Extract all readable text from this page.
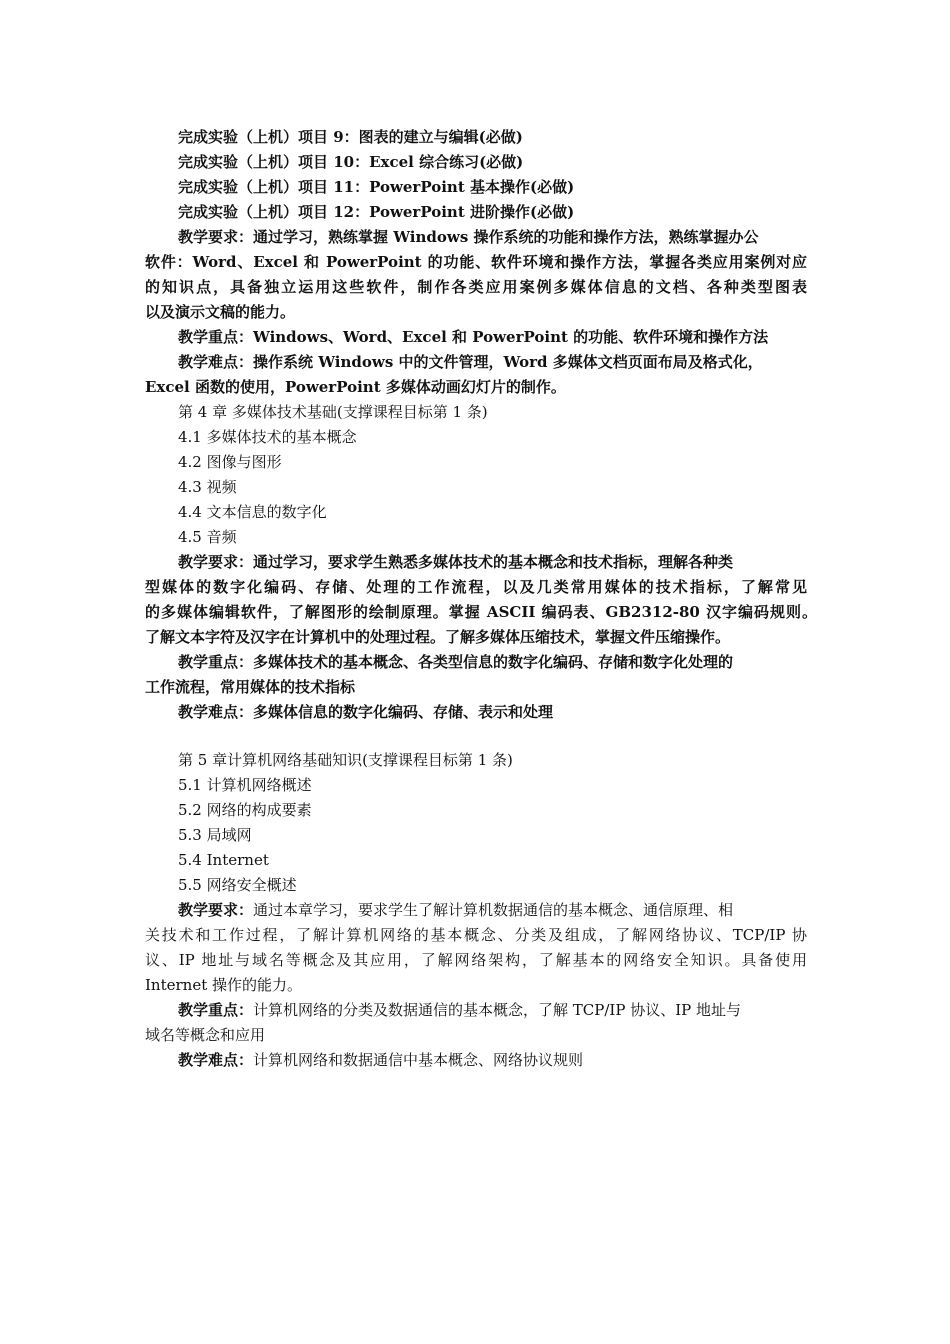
完成实验（上机）项目 9：图表的建立与编辑(必做)
完成实验（上机）项目 10：Excel 综合练习(必做)
完成实验（上机）项目 11：PowerPoint 基本操作(必做)
完成实验（上机）项目 12：PowerPoint 进阶操作(必做)
教学要求：通过学习，熟练掌握 Windows 操作系统的功能和操作方法，熟练掌握办公
软件：Word、Excel 和 PowerPoint 的功能、软件环境和操作方法，掌握各类应用案例对应
的知识点，具备独立运用这些软件，制作各类应用案例多媒体信息的文档、各种类型图表
以及演示文稿的能力。
教学重点：Windows、Word、Excel 和 PowerPoint 的功能、软件环境和操作方法
教学难点：操作系统 Windows 中的文件管理，Word 多媒体文档页面布局及格式化，
Excel 函数的使用，PowerPoint 多媒体动画幻灯片的制作。
第 4 章 多媒体技术基础(支撑课程目标第 1 条)
4.1 多媒体技术的基本概念
4.2 图像与图形
4.3 视频
4.4 文本信息的数字化
4.5 音频
教学要求：通过学习，要求学生熟悉多媒体技术的基本概念和技术指标，理解各种类
型媒体的数字化编码、存储、处理的工作流程，以及几类常用媒体的技术指标，了解常见
的多媒体编辑软件，了解图形的绘制原理。掌握 ASCII 编码表、GB2312-80 汉字编码规则。
了解文本字符及汉字在计算机中的处理过程。了解多媒体压缩技术，掌握文件压缩操作。
教学重点：多媒体技术的基本概念、各类型信息的数字化编码、存储和数字化处理的
工作流程，常用媒体的技术指标
教学难点：多媒体信息的数字化编码、存储、表示和处理
第 5 章计算机网络基础知识(支撑课程目标第 1 条)
5.1 计算机网络概述
5.2 网络的构成要素
5.3 局域网
5.4 Internet
5.5 网络安全概述
教学要求：通过本章学习，要求学生了解计算机数据通信的基本概念、通信原理、相
关技术和工作过程，了解计算机网络的基本概念、分类及组成，了解网络协议、TCP/IP 协
议、IP 地址与域名等概念及其应用，了解网络架构，了解基本的网络安全知识。具备使用
Internet 操作的能力。
教学重点：计算机网络的分类及数据通信的基本概念，了解 TCP/IP 协议、IP 地址与
域名等概念和应用
教学难点：计算机网络和数据通信中基本概念、网络协议规则
